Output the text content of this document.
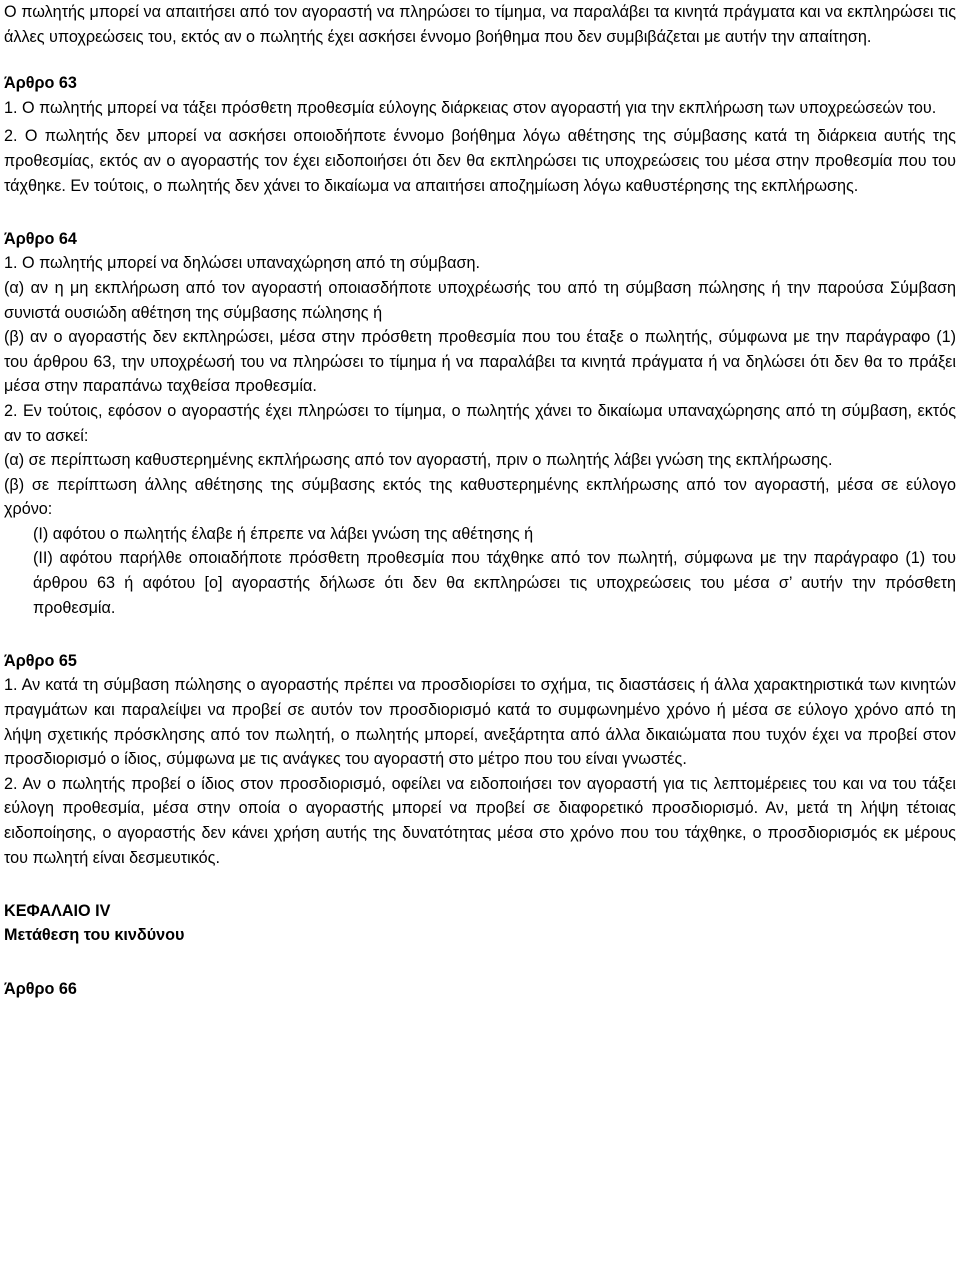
Ο πωλητής μπορεί να απαιτήσει από τον αγοραστή να πληρώσει το τίμημα, να παραλάβει τα κινητά πράγματα και να εκπληρώσει τις άλλες υποχρεώσεις του, εκτός αν ο πωλητής έχει ασκήσει έννομο βοήθημα που δεν συμβιβάζεται με αυτήν την απαίτηση.

Άρθρο 63

1. Ο πωλητής μπορεί να τάξει πρόσθετη προθεσμία εύλογης διάρκειας στον αγοραστή για την εκπλήρωση των υποχρεώσεών του.

2. Ο πωλητής δεν μπορεί να ασκήσει οποιοδήποτε έννομο βοήθημα λόγω αθέτησης της σύμβασης κατά τη διάρκεια αυτής της προθεσμίας, εκτός αν ο αγοραστής τον έχει ειδοποιήσει ότι δεν θα εκπληρώσει τις υποχρεώσεις του μέσα στην προθεσμία που του τάχθηκε. Εν τούτοις, ο πωλητής δεν χάνει το δικαίωμα να απαιτήσει αποζημίωση λόγω καθυστέρησης της εκπλήρωσης.

Άρθρο 64

1. Ο πωλητής μπορεί να δηλώσει υπαναχώρηση από τη σύμβαση.

(α) αν η μη εκπλήρωση από τον αγοραστή οποιασδήποτε υποχρέωσής του από τη σύμβαση πώλησης ή την παρούσα Σύμβαση συνιστά ουσιώδη αθέτηση της σύμβασης πώλησης ή

(β) αν ο αγοραστής δεν εκπληρώσει, μέσα στην πρόσθετη προθεσμία που του έταξε ο πωλητής, σύμφωνα με την παράγραφο (1) του άρθρου 63, την υποχρέωσή του να πληρώσει το τίμημα ή να παραλάβει τα κινητά πράγματα ή να δηλώσει ότι δεν θα το πράξει μέσα στην παραπάνω ταχθείσα προθεσμία.

2. Εν τούτοις, εφόσον ο αγοραστής έχει πληρώσει το τίμημα, ο πωλητής χάνει το δικαίωμα υπαναχώρησης από τη σύμβαση, εκτός αν το ασκεί:

(α) σε περίπτωση καθυστερημένης εκπλήρωσης από τον αγοραστή, πριν ο πωλητής λάβει γνώση της εκπλήρωσης.

(β) σε περίπτωση άλλης αθέτησης της σύμβασης εκτός της καθυστερημένης εκπλήρωσης από τον αγοραστή, μέσα σε εύλογο χρόνο:

(I) αφότου ο πωλητής έλαβε ή έπρεπε να λάβει γνώση της αθέτησης ή

(II) αφότου παρήλθε οποιαδήποτε πρόσθετη προθεσμία που τάχθηκε από τον πωλητή, σύμφωνα με την παράγραφο (1) του άρθρου 63 ή αφότου [ο] αγοραστής δήλωσε ότι δεν θα εκπληρώσει τις υποχρεώσεις του μέσα σ’ αυτήν την πρόσθετη προθεσμία.

Άρθρο 65

1. Αν κατά τη σύμβαση πώλησης ο αγοραστής πρέπει να προσδιορίσει το σχήμα, τις διαστάσεις ή άλλα χαρακτηριστικά των κινητών πραγμάτων και παραλείψει να προβεί σε αυτόν τον προσδιορισμό κατά το συμφωνημένο χρόνο ή μέσα σε εύλογο χρόνο από τη λήψη σχετικής πρόσκλησης από τον πωλητή, ο πωλητής μπορεί, ανεξάρτητα από άλλα δικαιώματα που τυχόν έχει να προβεί στον προσδιορισμό ο ίδιος, σύμφωνα με τις ανάγκες του αγοραστή στο μέτρο που του είναι γνωστές.

2. Αν ο πωλητής προβεί ο ίδιος στον προσδιορισμό, οφείλει να ειδοποιήσει τον αγοραστή για τις λεπτομέρειες του και να του τάξει εύλογη προθεσμία, μέσα στην οποία ο αγοραστής μπορεί να προβεί σε διαφορετικό προσδιορισμό. Αν, μετά τη λήψη τέτοιας ειδοποίησης, ο αγοραστής δεν κάνει χρήση αυτής της δυνατότητας μέσα στο χρόνο που του τάχθηκε, ο προσδιορισμός εκ μέρους του πωλητή είναι δεσμευτικός.

ΚΕΦΑΛΑΙΟ IV
Μετάθεση του κινδύνου
Άρθρο 66
